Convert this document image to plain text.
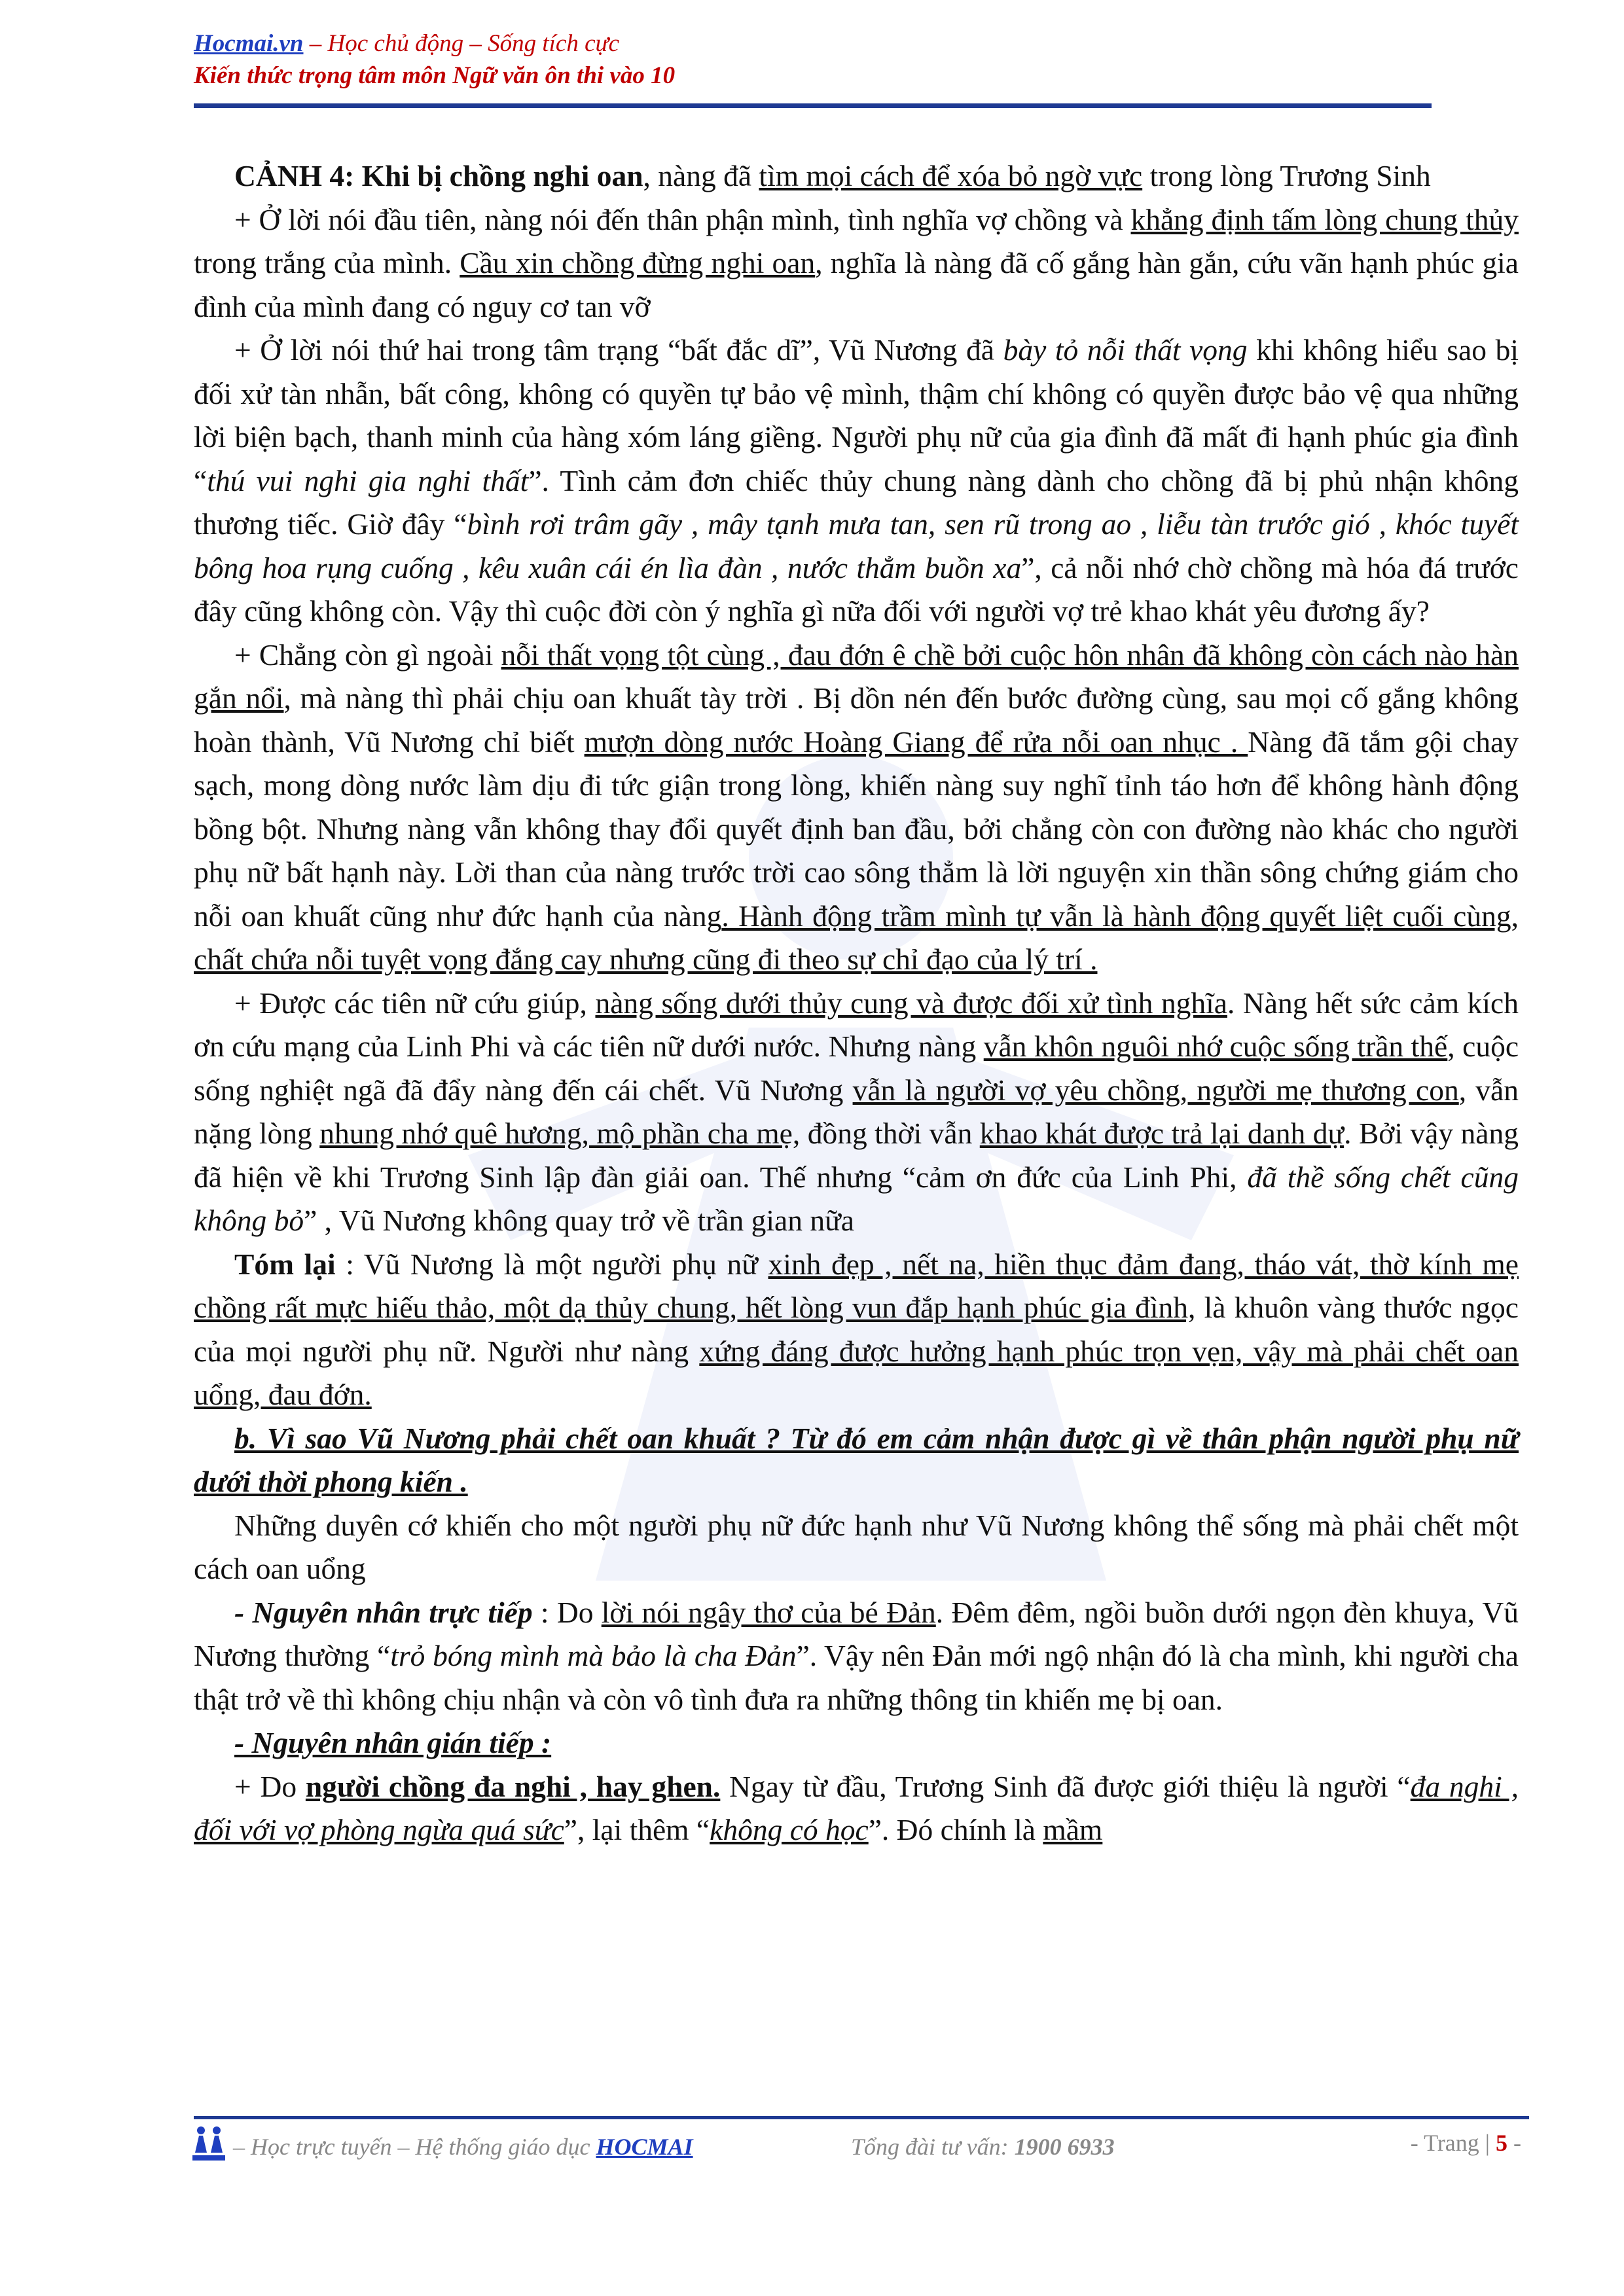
Hocmai.vn – Học chủ động – Sống tích cực
Kiến thức trọng tâm môn Ngữ văn ôn thi vào 10

CẢNH 4: Khi bị chồng nghi oan, nàng đã tìm mọi cách để xóa bỏ ngờ vực trong lòng Trương Sinh

+ Ở lời nói đầu tiên, nàng nói đến thân phận mình, tình nghĩa vợ chồng và khẳng định tấm lòng chung thủy trong trắng của mình. Cầu xin chồng đừng nghi oan, nghĩa là nàng đã cố gắng hàn gắn, cứu vãn hạnh phúc gia đình của mình đang có nguy cơ tan vỡ

+ Ở lời nói thứ hai trong tâm trạng “bất đắc dĩ”, Vũ Nương đã bày tỏ nỗi thất vọng khi không hiểu sao bị đối xử tàn nhẫn, bất công, không có quyền tự bảo vệ mình, thậm chí không có quyền được bảo vệ qua những lời biện bạch, thanh minh của hàng xóm láng giềng. Người phụ nữ của gia đình đã mất đi hạnh phúc gia đình “thú vui nghi gia nghi thất”. Tình cảm đơn chiếc thủy chung nàng dành cho chồng đã bị phủ nhận không thương tiếc. Giờ đây “bình rơi trâm gãy , mây tạnh mưa tan, sen rũ trong ao , liễu tàn trước gió , khóc tuyết bông hoa rụng cuống , kêu xuân cái én lìa đàn , nước thẳm buồn xa”, cả nỗi nhớ chờ chồng mà hóa đá trước đây cũng không còn. Vậy thì cuộc đời còn ý nghĩa gì nữa đối với người vợ trẻ khao khát yêu đương ấy?

+ Chẳng còn gì ngoài nỗi thất vọng tột cùng , đau đớn ê chề bởi cuộc hôn nhân đã không còn cách nào hàn gắn nổi, mà nàng thì phải chịu oan khuất tày trời . Bị dồn nén đến bước đường cùng, sau mọi cố gắng không hoàn thành, Vũ Nương chỉ biết mượn dòng nước Hoàng Giang để rửa nỗi oan nhục . Nàng đã tắm gội chay sạch, mong dòng nước làm dịu đi tức giận trong lòng, khiến nàng suy nghĩ tỉnh táo hơn để không hành động bồng bột. Nhưng nàng vẫn không thay đổi quyết định ban đầu, bởi chẳng còn con đường nào khác cho người phụ nữ bất hạnh này. Lời than của nàng trước trời cao sông thẳm là lời nguyện xin thần sông chứng giám cho nỗi oan khuất cũng như đức hạnh của nàng. Hành động trầm mình tự vẫn là hành động quyết liệt cuối cùng, chất chứa nỗi tuyệt vọng đắng cay nhưng cũng đi theo sự chỉ đạo của lý trí .

+ Được các tiên nữ cứu giúp, nàng sống dưới thủy cung và được đối xử tình nghĩa. Nàng hết sức cảm kích ơn cứu mạng của Linh Phi và các tiên nữ dưới nước. Nhưng nàng vẫn khôn nguôi nhớ cuộc sống trần thế, cuộc sống nghiệt ngã đã đẩy nàng đến cái chết. Vũ Nương vẫn là người vợ yêu chồng, người mẹ thương con, vẫn nặng lòng nhung nhớ quê hương, mộ phần cha mẹ, đồng thời vẫn khao khát được trả lại danh dự. Bởi vậy nàng đã hiện về khi Trương Sinh lập đàn giải oan. Thế nhưng “cảm ơn đức của Linh Phi, đã thề sống chết cũng không bỏ” , Vũ Nương không quay trở về trần gian nữa

Tóm lại : Vũ Nương là một người phụ nữ xinh đẹp , nết na, hiền thục đảm đang, tháo vát, thờ kính mẹ chồng rất mực hiếu thảo, một dạ thủy chung, hết lòng vun đắp hạnh phúc gia đình, là khuôn vàng thước ngọc của mọi người phụ nữ. Người như nàng xứng đáng được hưởng hạnh phúc trọn vẹn, vậy mà phải chết oan uổng, đau đớn.

b. Vì sao Vũ Nương phải chết oan khuất ? Từ đó em cảm nhận được gì về thân phận người phụ nữ dưới thời phong kiến .

Những duyên cớ khiến cho một người phụ nữ đức hạnh như Vũ Nương không thể sống mà phải chết một cách oan uổng

- Nguyên nhân trực tiếp : Do lời nói ngây thơ của bé Đản. Đêm đêm, ngồi buồn dưới ngọn đèn khuya, Vũ Nương thường “trỏ bóng mình mà bảo là cha Đản”. Vậy nên Đản mới ngộ nhận đó là cha mình, khi người cha thật trở về thì không chịu nhận và còn vô tình đưa ra những thông tin khiến mẹ bị oan.

- Nguyên nhân gián tiếp :

+ Do người chồng đa nghi , hay ghen. Ngay từ đầu, Trương Sinh đã được giới thiệu là người “đa nghi , đối với vợ phòng ngừa quá sức”, lại thêm “không có học”. Đó chính là mầm

– Học trực tuyến – Hệ thống giáo dục HOCMAI	Tổng đài tư vấn: 1900 6933	- Trang | 5 -
